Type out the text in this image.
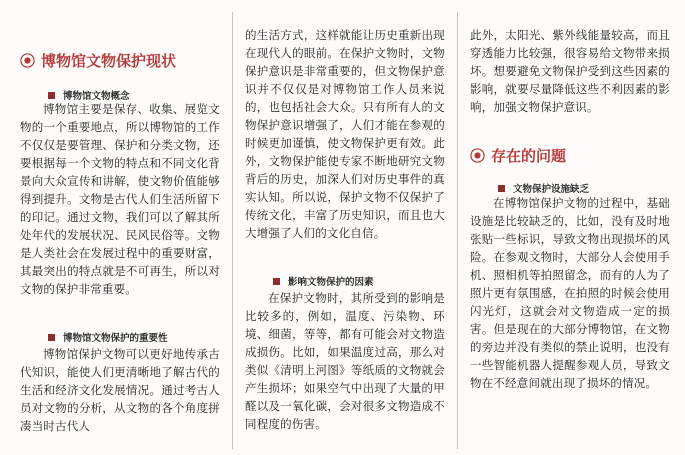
博物馆文物保护现状
博物馆文物概念

博物馆主要是保存、收集、展览文物的一个重要地点，所以博物馆的工作不仅仅是要管理、保护和分类文物，还要根据每一个文物的特点和不同文化背景向大众宣传和讲解，使文物价值能够得到提升。文物是古代人们生活所留下的印记。通过文物，我们可以了解其所处年代的发展状况、民风民俗等。文物是人类社会在发展过程中的重要财富，其最突出的特点就是不可再生，所以对文物的保护非常重要。

博物馆文物保护的重要性

博物馆保护文物可以更好地传承古代知识，能使人们更清晰地了解古代的生活和经济文化发展情况。通过考古人员对文物的分析，从文物的各个角度拼凑当时古代人

的生活方式，这样就能让历史重新出现在现代人的眼前。在保护文物时，文物保护意识是非常重要的，但文物保护意识并不仅仅是对博物馆工作人员来说的，也包括社会大众。只有所有人的文物保护意识增强了，人们才能在参观的时候更加谨慎，使文物保护更有效。此外，文物保护能使专家不断地研究文物背后的历史，加深人们对历史事件的真实认知。所以说，保护文物不仅保护了传统文化，丰富了历史知识，而且也大大增强了人们的文化自信。

影响文物保护的因素

在保护文物时，其所受到的影响是比较多的，例如，温度、污染物、环境、细菌，等等，都有可能会对文物造成损伤。比如，如果温度过高，那么对类似《清明上河图》等纸质的文物就会产生损坏；如果空气中出现了大量的甲醛以及一氧化碳，会对很多文物造成不同程度的伤害。

此外，太阳光、紫外线能量较高，而且穿透能力比较强，很容易给文物带来损坏。想要避免文物保护受到这些因素的影响，就要尽量降低这些不利因素的影响，加强文物保护意识。

存在的问题
文物保护设施缺乏

在博物馆保护文物的过程中，基础设施是比较缺乏的，比如，没有及时地张贴一些标识，导致文物出现损坏的风险。在参观文物时，大部分人会使用手机、照相机等拍照留念，而有的人为了照片更有氛围感，在拍照的时候会使用闪光灯，这就会对文物造成一定的损害。但是现在的大部分博物馆，在文物的旁边并没有类似的禁止说明，也没有一些智能机器人提醒参观人员，导致文物在不经意间就出现了损坏的情况。
